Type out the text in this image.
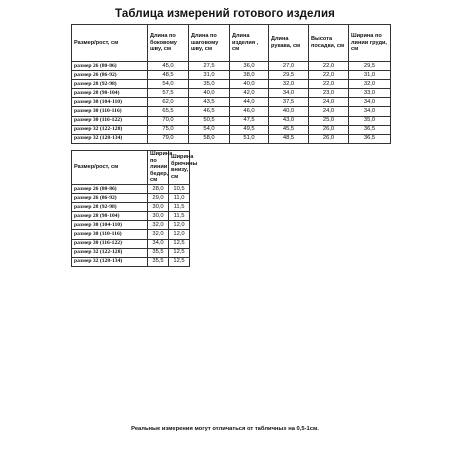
Таблица измерений готового изделия
Размер/рост, см	Длина по боковому шву, см	Длина по шаговому шву, см	Длина изделия , см	Длина рукава, см	Высота посадки, см	Ширина по линии груди, см
размер 26 (80-86)	45,0	27,5	36,0	27,0	22,0	29,5
размер 26 (86-92)	48,5	31,0	38,0	29,5	22,0	31,0
размер 28 (92-98)	54,0	35,0	40,0	32,0	22,0	32,0
размер 28 (98-104)	57,5	40,0	42,0	34,0	23,0	33,0
размер 30 (104-110)	62,0	43,5	44,0	37,5	24,0	34,0
размер 30 (110-116)	65,5	46,5	46,0	40,0	24,0	34,0
размер 30 (116-122)	70,0	50,5	47,5	43,0	25,0	35,0
размер 32 (122-128)	75,0	54,0	49,5	45,5	26,0	36,5
размер 32 (128-134)	79,0	58,0	51,0	48,5	26,0	36,5
Размер/рост, см	Ширина по линии бедер, см	Ширина брючины внизу, см
размер 26 (80-86)	28,0	10,5
размер 26 (86-92)	29,0	11,0
размер 28 (92-98)	30,0	11,5
размер 28 (98-104)	30,0	11,5
размер 30 (104-110)	32,0	12,0
размер 30 (110-116)	32,0	12,0
размер 30 (116-122)	34,0	12,5
размер 32 (122-128)	35,5	12,5
размер 32 (128-134)	35,5	12,5
Реальные измерения могут отличаться от табличных на 0,5-1см.
